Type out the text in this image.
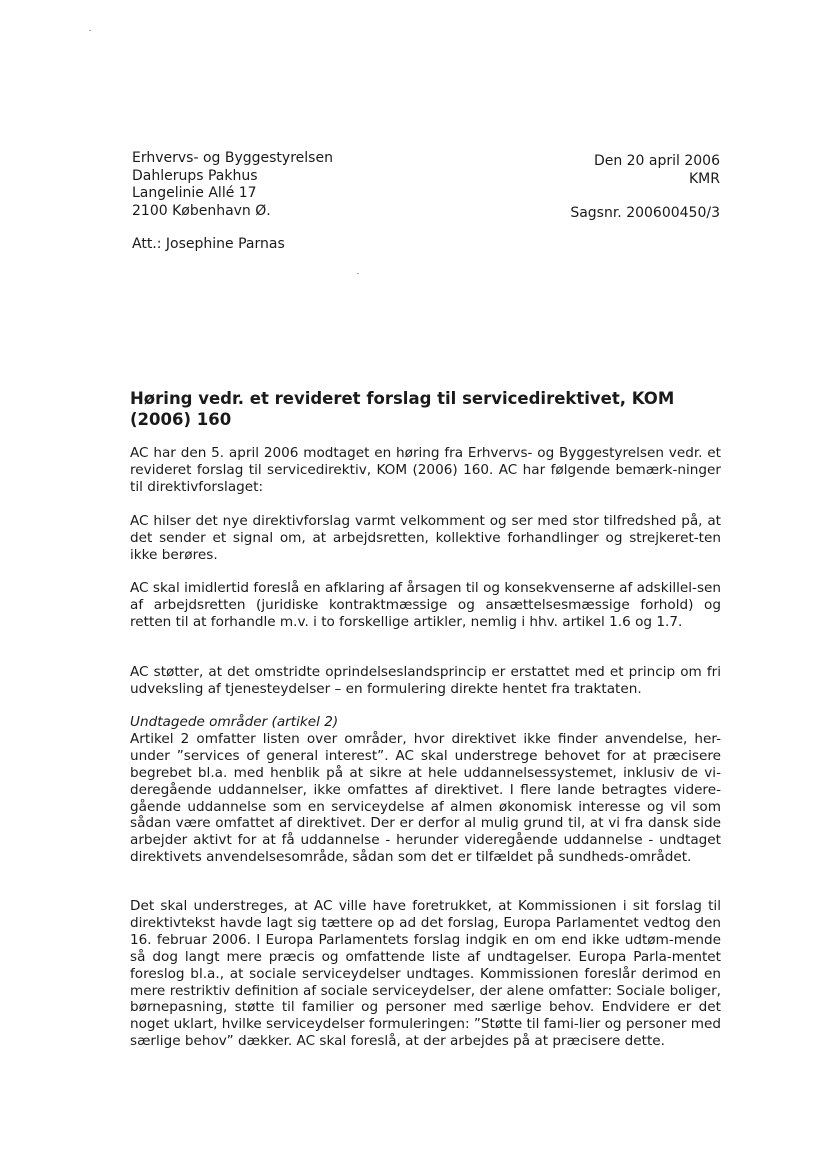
Erhvervs- og Byggestyrelsen
Dahlerups Pakhus
Langelinie Allé 17
2100 København Ø.
Den 20 april 2006
KMR
Sagsnr. 200600450/3
Att.: Josephine Parnas
Høring vedr. et revideret forslag til servicedirektivet, KOM (2006) 160

AC har den 5. april 2006 modtaget en høring fra Erhvervs- og Byggestyrelsen vedr. et revideret forslag til servicedirektiv, KOM (2006) 160. AC har følgende bemærk-ninger til direktivforslaget:

AC hilser det nye direktivforslag varmt velkomment og ser med stor tilfredshed på, at det sender et signal om, at arbejdsretten, kollektive forhandlinger og strejkeret-ten ikke berøres.

AC skal imidlertid foreslå en afklaring af årsagen til og konsekvenserne af adskillel-sen af arbejdsretten (juridiske kontraktmæssige og ansættelsesmæssige forhold) og retten til at forhandle m.v. i to forskellige artikler, nemlig i hhv. artikel 1.6 og 1.7.

AC støtter, at det omstridte oprindelseslandsprincip er erstattet med et princip om fri udveksling af tjenesteydelser – en formulering direkte hentet fra traktaten.

Undtagede områder (artikel 2)

Artikel 2 omfatter listen over områder, hvor direktivet ikke finder anvendelse, her-under ”services of general interest”. AC skal understrege behovet for at præcisere begrebet bl.a. med henblik på at sikre at hele uddannelsessystemet, inklusiv de vi-deregående uddannelser, ikke omfattes af direktivet. I flere lande betragtes videre-gående uddannelse som en serviceydelse af almen økonomisk interesse og vil som sådan være omfattet af direktivet. Der er derfor al mulig grund til, at vi fra dansk side arbejder aktivt for at få uddannelse - herunder videregående uddannelse - undtaget direktivets anvendelsesområde, sådan som det er tilfældet på sundheds-området.

Det skal understreges, at AC ville have foretrukket, at Kommissionen i sit forslag til direktivtekst havde lagt sig tættere op ad det forslag, Europa Parlamentet vedtog den 16. februar 2006. I Europa Parlamentets forslag indgik en om end ikke udtøm-mende så dog langt mere præcis og omfattende liste af undtagelser. Europa Parla-mentet foreslog bl.a., at sociale serviceydelser undtages. Kommissionen foreslår derimod en mere restriktiv definition af sociale serviceydelser, der alene omfatter: Sociale boliger, børnepasning, støtte til familier og personer med særlige behov. Endvidere er det noget uklart, hvilke serviceydelser formuleringen: ”Støtte til fami-lier og personer med særlige behov” dækker. AC skal foreslå, at der arbejdes på at præcisere dette.
